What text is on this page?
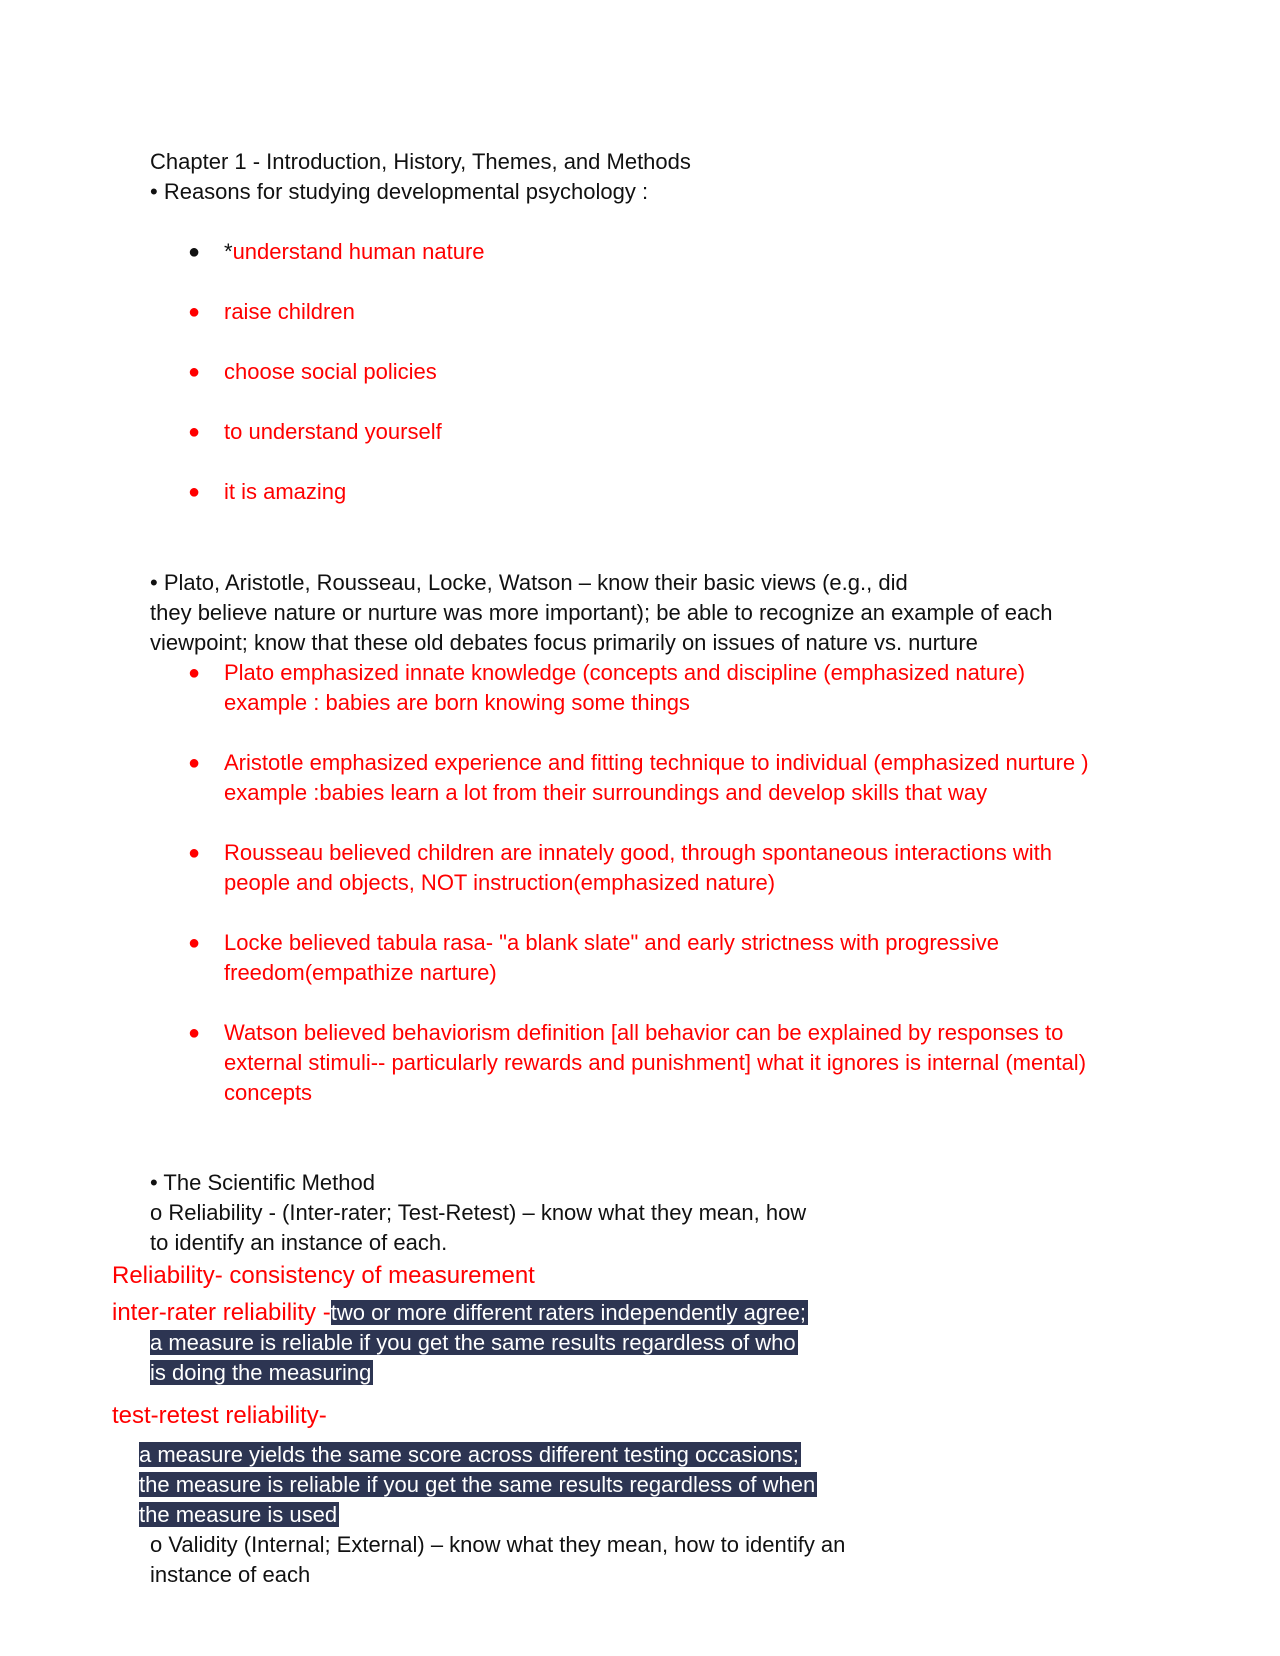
Chapter 1 - Introduction, History, Themes, and Methods
• Reasons for studying developmental psychology :
●	*understand human nature
●	raise children
●	choose social policies
●	to understand yourself
●	it is amazing
• Plato, Aristotle, Rousseau, Locke, Watson – know their basic views (e.g., did
they believe nature or nurture was more important); be able to recognize an example of each
viewpoint; know that these old debates focus primarily on issues of nature vs. nurture
●	Plato emphasized innate knowledge (concepts and discipline (emphasized nature)
example : babies are born knowing some things
●	Aristotle emphasized experience and fitting technique to individual (emphasized nurture )
example :babies learn a lot from their surroundings and develop skills that way
●	Rousseau believed children are innately good, through spontaneous interactions with
people and objects, NOT instruction(emphasized nature)
●	Locke believed tabula rasa- "a blank slate" and early strictness with progressive
freedom(empathize narture)
●	Watson believed behaviorism definition [all behavior can be explained by responses to
external stimuli-- particularly rewards and punishment] what it ignores is internal (mental)
concepts
• The Scientific Method
o Reliability - (Inter-rater; Test-Retest) – know what they mean, how
to identify an instance of each.
Reliability- consistency of measurement
inter-rater reliability -two or more different raters independently agree;
a measure is reliable if you get the same results regardless of who
is doing the measuring
test-retest reliability-
a measure yields the same score across different testing occasions;
the measure is reliable if you get the same results regardless of when
the measure is used
o Validity (Internal; External) – know what they mean, how to identify an
instance of each
